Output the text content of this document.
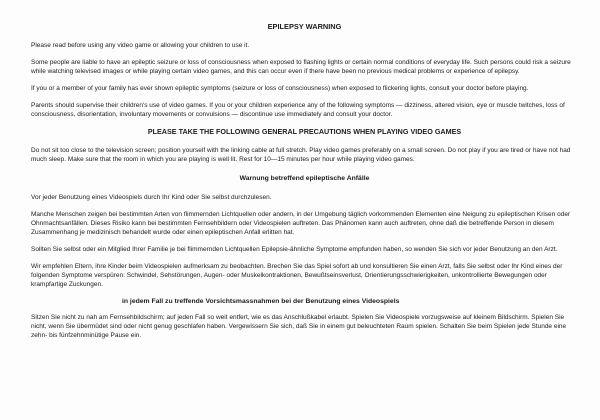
EPILEPSY WARNING

Please read before using any video game or allowing your children to use it.

Some people are liable to have an epileptic seizure or loss of consciousness when exposed to flashing lights or certain normal conditions of everyday life. Such persons could risk a seizure while watching televised images or while playing certain video games, and this can occur even if there have been no previous medical problems or experience of epilepsy.

If you or a member of your family has ever shown epileptic symptoms (seizure or loss of consciousness) when exposed to flickering lights, consult your doctor before playing.

Parents should supervise their children's use of video games. If you or your children experience any of the following symptoms — dizziness, altered vision, eye or muscle twitches, loss of
consciousness, disorientation, involuntary movements or convulsions — discontinue use immediately and consult your doctor.

PLEASE TAKE THE FOLLOWING GENERAL PRECAUTIONS WHEN PLAYING VIDEO GAMES

Do not sit too close to the television screen; position yourself with the linking cable at full stretch. Play video games preferably on a small screen. Do not play if you are tired or have not had much sleep. Make sure that the room in which you are playing is well lit. Rest for 10—15 minutes per hour while playing video games.

Warnung betreffend epileptische Anfälle

Vor jeder Benutzung eines Videospiels durch Ihr Kind oder Sie selbst durchzulesen.

Manche Menschen zeigen bei bestimmten Arten von flimmernden Lichtquellen oder andern, in der Umgebung täglich vorkommenden Elementen eine Neigung zu epileptischen Krisen oder Ohnmachtsanfällen. Dieses Risiko kann bei bestimmten Fernsehbildern oder Videospielen auftreten. Das Phänomen kann auch auftreten, ohne daß die betreffende Person in diesem Zusammenhang je medizinisch behandelt wurde oder einen epileptischen Anfall erlitten hat.

Sollten Sie selbst oder ein Mitglied Ihrer Familie je bei flimmernden Lichtquellen Epilepsie-ähnliche Symptome empfunden haben, so wenden Sie sich vor jeder Benutzung an den Arzt.

Wir empfehlen Eltern, ihre Kinder beim Videospielen aufmerksam zu beobachten. Brechen Sie das Spiel sofort ab und konsultieren Sie einen Arzt, falls Sie selbst oder Ihr Kind eines der folgenden Symptome verspüren: Schwindel, Sehstörungen, Augen- oder Muskelkontraktionen, Bewußtseinsverlust, Orientierungsschwierigkeiten, unkontrollierte Bewegungen oder krampfartige Zuckungen.

in jedem Fall zu treffende Vorsichtsmassnahmen bei der Benutzung eines Videospiels

Sitzen Sie nicht zu nah am Fernsehbildschirm; auf jeden Fall so weit entfert, wie es das Anschlußkabel erlaubt. Spielen Sie Videospiele vorzugsweise auf kleinem Bildschirm. Spielen Sie nicht, wenn Sie übermüdet sind oder nicht genug geschlafen haben. Vergewissern Sie sich, daß Sie in einem gut beleuchteten Raum spielen. Schalten Sie beim Spielen jede Stunde eine zehn- bis fünfzehnminütige Pause ein.
